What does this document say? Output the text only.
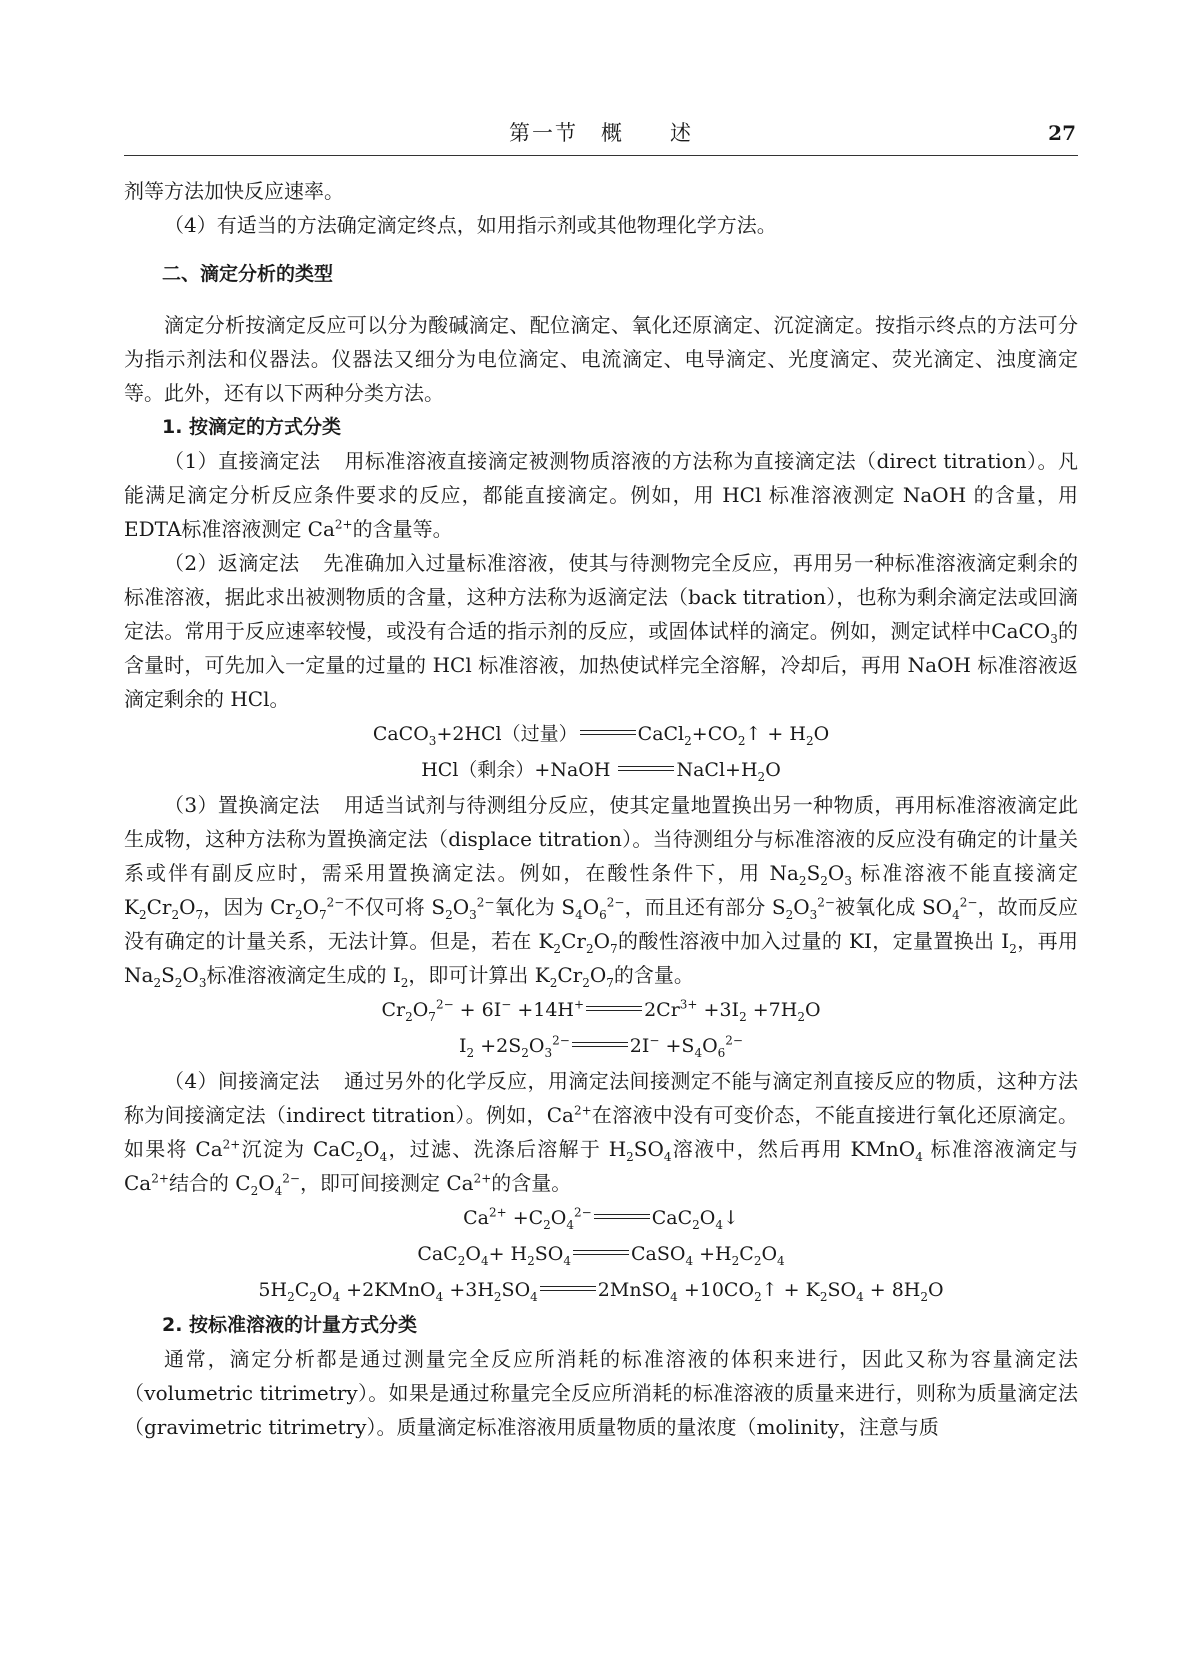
第一节　概　　述	27

剂等方法加快反应速率。

（4）有适当的方法确定滴定终点，如用指示剂或其他物理化学方法。

二、滴定分析的类型

滴定分析按滴定反应可以分为酸碱滴定、配位滴定、氧化还原滴定、沉淀滴定。按指示终点的方法可分为指示剂法和仪器法。仪器法又细分为电位滴定、电流滴定、电导滴定、光度滴定、荧光滴定、浊度滴定等。此外，还有以下两种分类方法。

1. 按滴定的方式分类

（1）直接滴定法 用标准溶液直接滴定被测物质溶液的方法称为直接滴定法（direct titration）。凡能满足滴定分析反应条件要求的反应，都能直接滴定。例如，用 HCl 标准溶液测定 NaOH 的含量，用EDTA标准溶液测定 $Ca^{2+}$的含量等。

（2）返滴定法 先准确加入过量标准溶液，使其与待测物完全反应，再用另一种标准溶液滴定剩余的标准溶液，据此求出被测物质的含量，这种方法称为返滴定法（back titration），也称为剩余滴定法或回滴定法。常用于反应速率较慢，或没有合适的指示剂的反应，或固体试样的滴定。例如，测定试样中CaCO$_3$的含量时，可先加入一定量的过量的 HCl 标准溶液，加热使试样完全溶解，冷却后，再用 NaOH 标准溶液返滴定剩余的 HCl。

CaCO$_3$+2HCl（过量）	$CaCl_2+CO_2↑ + H_2O$
HCl（剩余）+NaOH	$NaCl+H_2O$

（3）置换滴定法 用适当试剂与待测组分反应，使其定量地置换出另一种物质，再用标准溶液滴定此生成物，这种方法称为置换滴定法（displace titration）。当待测组分与标准溶液的反应没有确定的计量关系或伴有副反应时，需采用置换滴定法。例如，在酸性条件下，用 $Na_2S_2O_3$ 标准溶液不能直接滴定 $K_2Cr_2O_7$，因为 $Cr_2O_7^{2-}$不仅可将 $S_2O_3^{2-}$氧化为 $S_4O_6^{2-}$，而且还有部分 $S_2O_3^{2-}$被氧化成 $SO_4^{2-}$，故而反应没有确定的计量关系，无法计算。但是，若在 $K_2Cr_2O_7$的酸性溶液中加入过量的 KI，定量置换出 $I_2$，再用 $Na_2S_2O_3$标准溶液滴定生成的 $I_2$，即可计算出 $K_2Cr_2O_7$的含量。

$Cr_2O_7^{2-} + 6I^- +14H^+$	$2Cr^{3+} +3I_2 +7H_2O$
$I_2 +2S_2O_3^{2-}$	$2I^- +S_4O_6^{2-}$

（4）间接滴定法 通过另外的化学反应，用滴定法间接测定不能与滴定剂直接反应的物质，这种方法称为间接滴定法（indirect titration）。例如，$Ca^{2+}$在溶液中没有可变价态，不能直接进行氧化还原滴定。如果将 $Ca^{2+}$沉淀为 $CaC_2O_4$，过滤、洗涤后溶解于 $H_2SO_4$溶液中，然后再用 KMnO$_4$ 标准溶液滴定与 $Ca^{2+}$结合的 $C_2O_4^{2-}$，即可间接测定 $Ca^{2+}$的含量。

$Ca^{2+} +C_2O_4^{2-}$	$CaC_2O_4↓$
$CaC_2O_4+ H_2SO_4$	CaSO$_4$ $+H_2C_2O_4$
$5H_2C_2O_4$ +2KMnO$_4$ $+3H_2SO_4$	2MnSO$_4$ $+10CO_2↑ + K_2SO_4 + 8H_2O$
2. 按标准溶液的计量方式分类

通常，滴定分析都是通过测量完全反应所消耗的标准溶液的体积来进行，因此又称为容量滴定法（volumetric titrimetry）。如果是通过称量完全反应所消耗的标准溶液的质量来进行，则称为质量滴定法（gravimetric titrimetry）。质量滴定标准溶液用质量物质的量浓度（molinity，注意与质
